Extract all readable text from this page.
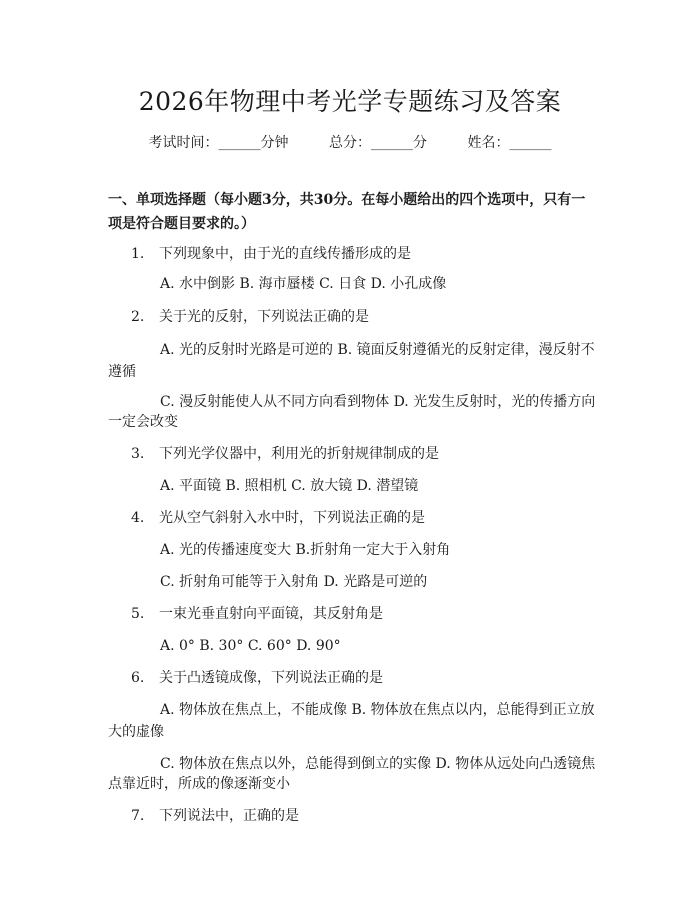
2026年物理中考光学专题练习及答案
考试时间：______分钟	总分：______分	姓名：______
一、单项选择题（每小题3分，共30分。在每小题给出的四个选项中，只有一项是符合题目要求的。）
1. 下列现象中，由于光的直线传播形成的是
A. 水中倒影 B. 海市蜃楼 C. 日食 D. 小孔成像
2. 关于光的反射，下列说法正确的是
A. 光的反射时光路是可逆的 B. 镜面反射遵循光的反射定律，漫反射不
遵循
C. 漫反射能使人从不同方向看到物体 D. 光发生反射时，光的传播方向
一定会改变
3. 下列光学仪器中，利用光的折射规律制成的是
A. 平面镜 B. 照相机 C. 放大镜 D. 潜望镜
4. 光从空气斜射入水中时，下列说法正确的是
A. 光的传播速度变大 B.折射角一定大于入射角
C. 折射角可能等于入射角 D. 光路是可逆的
5. 一束光垂直射向平面镜，其反射角是
A. 0° B. 30° C. 60° D. 90°
6. 关于凸透镜成像，下列说法正确的是
A. 物体放在焦点上，不能成像 B. 物体放在焦点以内，总能得到正立放
大的虚像
C. 物体放在焦点以外，总能得到倒立的实像 D. 物体从远处向凸透镜焦
点靠近时，所成的像逐渐变小
7. 下列说法中，正确的是
